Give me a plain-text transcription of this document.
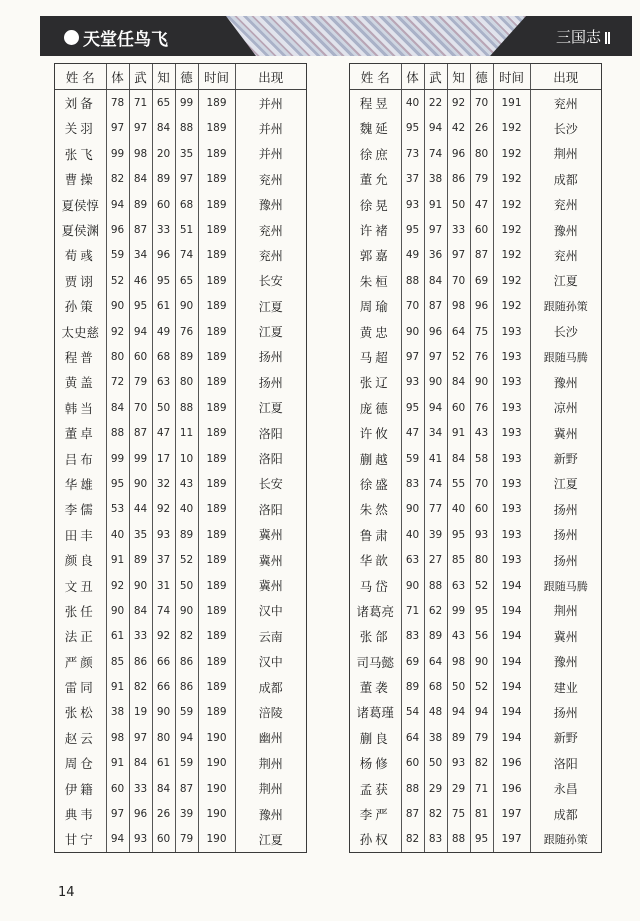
天堂任鸟飞	三国志
姓 名	体	武	知	德	时间	出现
刘备	78	71	65	99	189	并州
关羽	97	97	84	88	189	并州
张飞	99	98	20	35	189	并州
曹操	82	84	89	97	189	兖州
夏侯惇	94	89	60	68	189	豫州
夏侯渊	96	87	33	51	189	兖州
荀彧	59	34	96	74	189	兖州
贾诩	52	46	95	65	189	长安
孙策	90	95	61	90	189	江夏
太史慈	92	94	49	76	189	江夏
程普	80	60	68	89	189	扬州
黄盖	72	79	63	80	189	扬州
韩当	84	70	50	88	189	江夏
董卓	88	87	47	11	189	洛阳
吕布	99	99	17	10	189	洛阳
华雄	95	90	32	43	189	长安
李儒	53	44	92	40	189	洛阳
田丰	40	35	93	89	189	冀州
颜良	91	89	37	52	189	冀州
文丑	92	90	31	50	189	冀州
张任	90	84	74	90	189	汉中
法正	61	33	92	82	189	云南
严颜	85	86	66	86	189	汉中
雷同	91	82	66	86	189	成都
张松	38	19	90	59	189	涪陵
赵云	98	97	80	94	190	幽州
周仓	91	84	61	59	190	荆州
伊籍	60	33	84	87	190	荆州
典韦	97	96	26	39	190	豫州
甘宁	94	93	60	79	190	江夏
姓 名	体	武	知	德	时间	出现
程昱	40	22	92	70	191	兖州
魏延	95	94	42	26	192	长沙
徐庶	73	74	96	80	192	荆州
董允	37	38	86	79	192	成都
徐晃	93	91	50	47	192	兖州
许褚	95	97	33	60	192	豫州
郭嘉	49	36	97	87	192	兖州
朱桓	88	84	70	69	192	江夏
周瑜	70	87	98	96	192	跟随孙策
黄忠	90	96	64	75	193	长沙
马超	97	97	52	76	193	跟随马腾
张辽	93	90	84	90	193	豫州
庞德	95	94	60	76	193	凉州
许攸	47	34	91	43	193	冀州
蒯越	59	41	84	58	193	新野
徐盛	83	74	55	70	193	江夏
朱然	90	77	40	60	193	扬州
鲁肃	40	39	95	93	193	扬州
华歆	63	27	85	80	193	扬州
马岱	90	88	63	52	194	跟随马腾
诸葛亮	71	62	99	95	194	荆州
张郃	83	89	43	56	194	冀州
司马懿	69	64	98	90	194	豫州
董袭	89	68	50	52	194	建业
诸葛瑾	54	48	94	94	194	扬州
蒯良	64	38	89	79	194	新野
杨修	60	50	93	82	196	洛阳
孟获	88	29	29	71	196	永昌
李严	87	82	75	81	197	成都
孙权	82	83	88	95	197	跟随孙策
14
